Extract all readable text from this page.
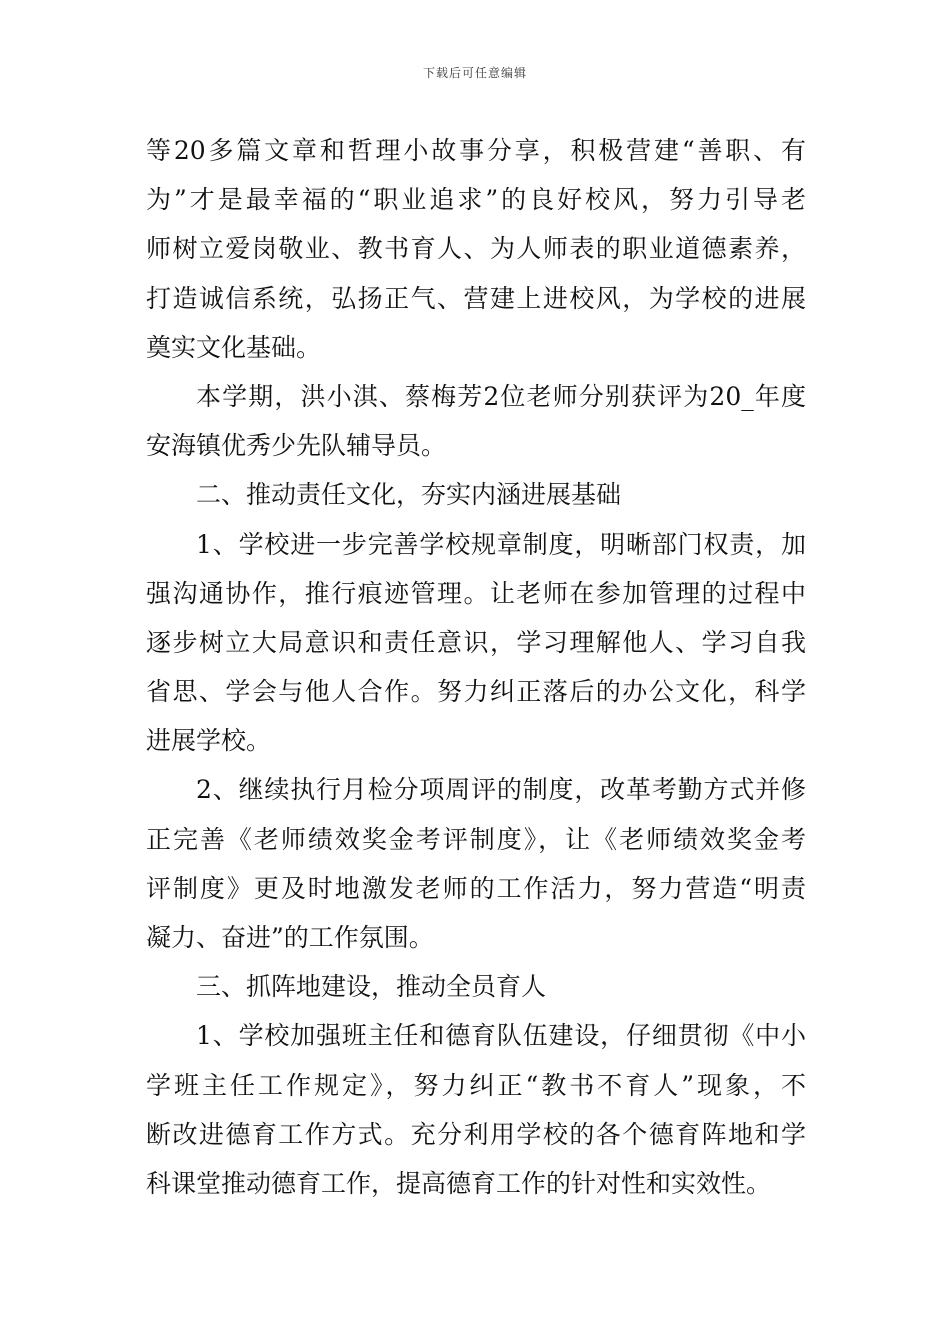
下载后可任意编辑
等20多篇文章和哲理小故事分享，积极营建“善职、有
为”才是最幸福的“职业追求”的良好校风，努力引导老
师树立爱岗敬业、教书育人、为人师表的职业道德素养，
打造诚信系统，弘扬正气、营建上进校风，为学校的进展
奠实文化基础。
本学期，洪小淇、蔡梅芳2位老师分别获评为20_年度
安海镇优秀少先队辅导员。
二、推动责任文化，夯实内涵进展基础
1、学校进一步完善学校规章制度，明晰部门权责，加
强沟通协作，推行痕迹管理。让老师在参加管理的过程中
逐步树立大局意识和责任意识，学习理解他人、学习自我
省思、学会与他人合作。努力纠正落后的办公文化，科学
进展学校。
2、继续执行月检分项周评的制度，改革考勤方式并修
正完善《老师绩效奖金考评制度》，让《老师绩效奖金考
评制度》更及时地激发老师的工作活力，努力营造“明责
凝力、奋进”的工作氛围。
三、抓阵地建设，推动全员育人
1、学校加强班主任和德育队伍建设，仔细贯彻《中小
学班主任工作规定》，努力纠正“教书不育人”现象，不
断改进德育工作方式。充分利用学校的各个德育阵地和学
科课堂推动德育工作，提高德育工作的针对性和实效性。
